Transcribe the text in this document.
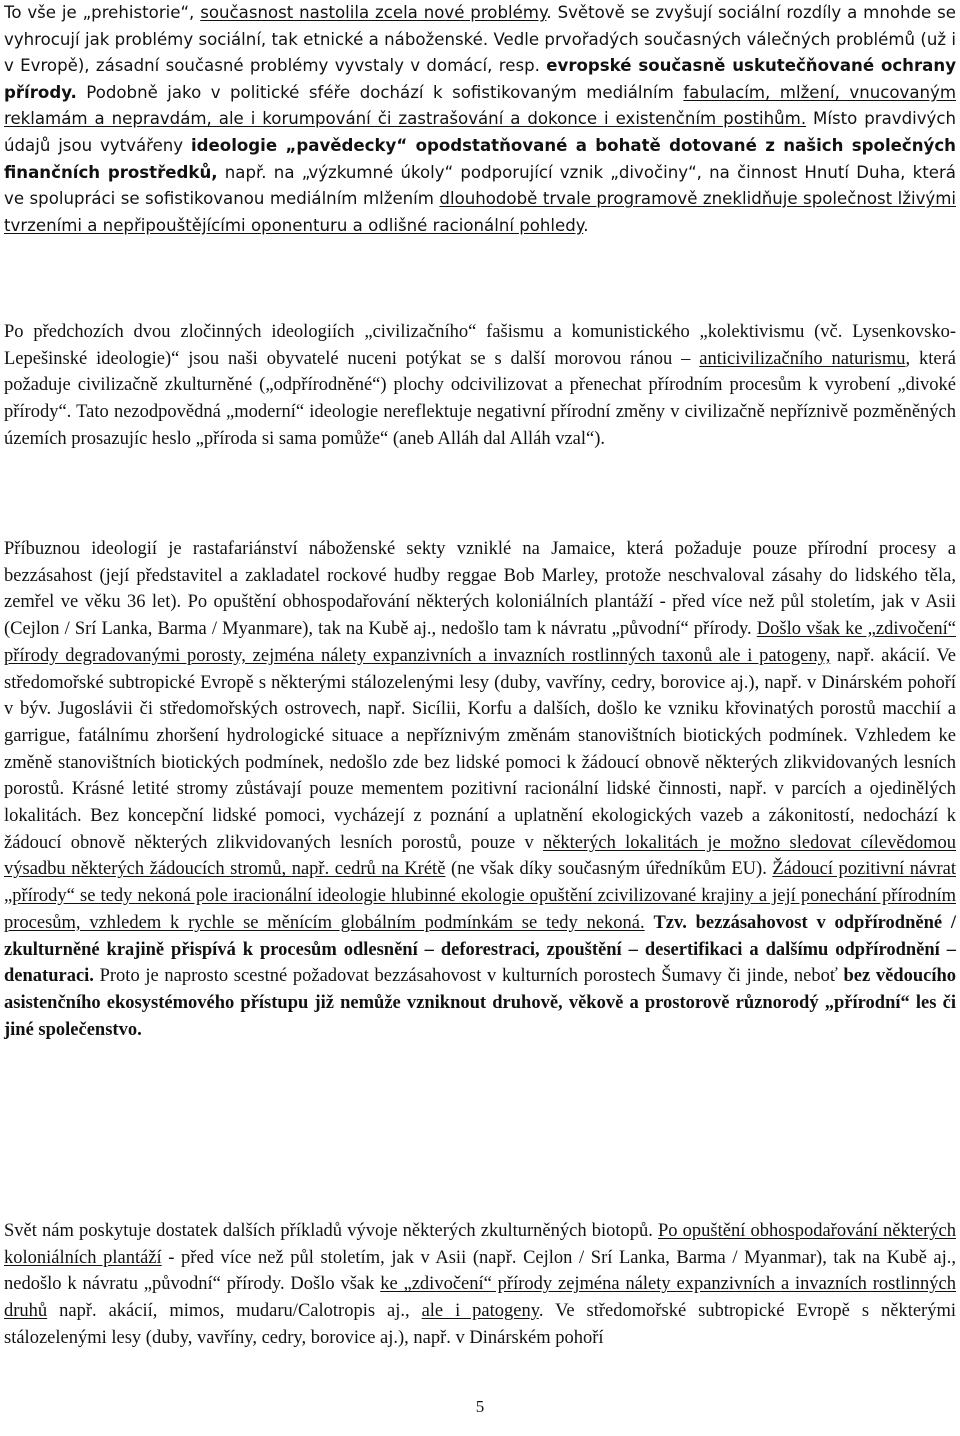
To vše je „prehistorie“, současnost nastolila zcela nové problémy. Světově se zvyšují sociální rozdíly a mnohde se vyhrocují jak problémy sociální, tak etnické a náboženské. Vedle prvořadých současných válečných problémů (už i v Evropě), zásadní současné problémy vyvstaly v domácí, resp. evropské současně uskutečňované ochrany přírody. Podobně jako v politické sféře dochází k sofistikovaným mediálním fabulacím, mlžení, vnucovaným reklamám a nepravdám, ale i korumpování či zastrašování a dokonce i existenčním postihům. Místo pravdivých údajů jsou vytvářeny ideologie „pavědecky“ opodstatňované a bohatě dotované z našich společných finančních prostředků, např. na „výzkumné úkoly“ podporující vznik „divočiny“, na činnost Hnutí Duha, která ve spolupráci se sofistikovanou mediálním mlžením dlouhodobě trvale programově zneklidňuje společnost lživými tvrzeními a nepřipouštějícími oponenturu a odlišné racionální pohledy.

Po předchozích dvou zločinných ideologiích „civilizačního“ fašismu a komunistického „kolektivismu (vč. Lysenkovsko-Lepešinské ideologie)“ jsou naši obyvatelé nuceni potýkat se s další morovou ránou – anticivilizačního naturismu, která požaduje civilizačně zkulturněné („odpřírodněné“) plochy odcivilizovat a přenechat přírodním procesům k vyrobení „divoké přírody“. Tato nezodpovědná „moderní“ ideologie nereflektuje negativní přírodní změny v civilizačně nepříznivě pozměněných územích prosazujíc heslo „příroda si sama pomůže“ (aneb Alláh dal Alláh vzal“).

Příbuznou ideologií je rastafariánství náboženské sekty vzniklé na Jamaice, která požaduje pouze přírodní procesy a bezzásahost (její představitel a zakladatel rockové hudby reggae Bob Marley, protože neschvaloval zásahy do lidského těla, zemřel ve věku 36 let). Po opuštění obhospodařování některých koloniálních plantáží - před více než půl stoletím, jak v Asii (Cejlon / Srí Lanka, Barma / Myanmare), tak na Kubě aj., nedošlo tam k návratu „původní“ přírody. Došlo však ke „zdivočení“ přírody degradovanými porosty, zejména nálety expanzivních a invazních rostlinných taxonů ale i patogeny, např. akácií. Ve středomořské subtropické Evropě s některými stálozelenými lesy (duby, vavříny, cedry, borovice aj.), např. v Dinárském pohoří v býv. Jugoslávii či středomořských ostrovech, např. Sicílii, Korfu a dalších, došlo ke vzniku křovinatých porostů macchií a garrigue, fatálnímu zhoršení hydrologické situace a nepříznivým změnám stanovištních biotických podmínek. Vzhledem ke změně stanovištních biotických podmínek, nedošlo zde bez lidské pomoci k žádoucí obnově některých zlikvidovaných lesních porostů. Krásné letité stromy zůstávají pouze mementem pozitivní racionální lidské činnosti, např. v parcích a ojedinělých lokalitách. Bez koncepční lidské pomoci, vycházejí z poznání a uplatnění ekologických vazeb a zákonitostí, nedochází k žádoucí obnově některých zlikvidovaných lesních porostů, pouze v některých lokalitách je možno sledovat cílevědomou výsadbu některých žádoucích stromů, např. cedrů na Krétě (ne však díky současným úředníkům EU). Žádoucí pozitivní návrat „přírody“ se tedy nekoná pole iracionální ideologie hlubinné ekologie opuštění zcivilizované krajiny a její ponechání přírodním procesům, vzhledem k rychle se měnícím globálním podmínkám se tedy nekoná. Tzv. bezzásahovost v odpřírodněné / zkulturněné krajině přispívá k procesům odlesnění – deforestraci, zpouštění – desertifikaci a dalšímu odpřírodnění – denaturaci. Proto je naprosto scestné požadovat bezzásahovost v kulturních porostech Šumavy či jinde, neboť bez vědoucího asistenčního ekosystémového přístupu již nemůže vzniknout druhově, věkově a prostorově různorodý „přírodní“ les či jiné společenstvo.

Svět nám poskytuje dostatek dalších příkladů vývoje některých zkulturněných biotopů. Po opuštění obhospodařování některých koloniálních plantáží - před více než půl stoletím, jak v Asii (např. Cejlon / Srí Lanka, Barma / Myanmar), tak na Kubě aj., nedošlo k návratu „původní“ přírody. Došlo však ke „zdivočení“ přírody zejména nálety expanzivních a invazních rostlinných druhů např. akácií, mimos, mudaru/Calotropis aj., ale i patogeny. Ve středomořské subtropické Evropě s některými stálozelenými lesy (duby, vavříny, cedry, borovice aj.), např. v Dinárském pohoří

5
